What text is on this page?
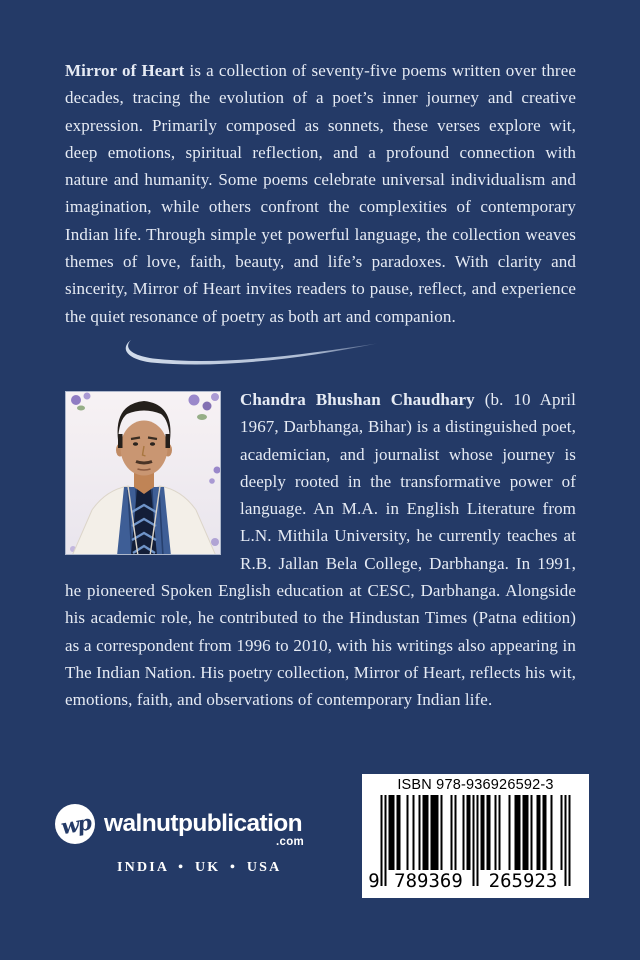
Mirror of Heart is a collection of seventy-five poems written over three decades, tracing the evolution of a poet’s inner journey and creative expression. Primarily composed as sonnets, these verses explore wit, deep emotions, spiritual reflection, and a profound connection with nature and humanity. Some poems celebrate universal individualism and imagination, while others confront the complexities of contemporary Indian life. Through simple yet powerful language, the collection weaves themes of love, faith, beauty, and life’s paradoxes. With clarity and sincerity, Mirror of Heart invites readers to pause, reflect, and experience the quiet resonance of poetry as both art and companion.

Chandra Bhushan Chaudhary (b. 10 April 1967, Darbhanga, Bihar) is a distinguished poet, academician, and journalist whose journey is deeply rooted in the transformative power of language. An M.A. in English Literature from L.N. Mithila University, he currently teaches at R.B. Jallan Bela College, Darbhanga. In 1991, he pioneered Spoken English education at CESC, Darbhanga. Alongside his academic role, he contributed to the Hindustan Times (Patna edition) as a correspondent from 1996 to 2010, with his writings also appearing in The Indian Nation. His poetry collection, Mirror of Heart, reflects his wit, emotions, faith, and observations of contemporary Indian life.

wp walnutpublication
.com
INDIA • UK • USA
ISBN 978-936926592-3
9 789369	265923
